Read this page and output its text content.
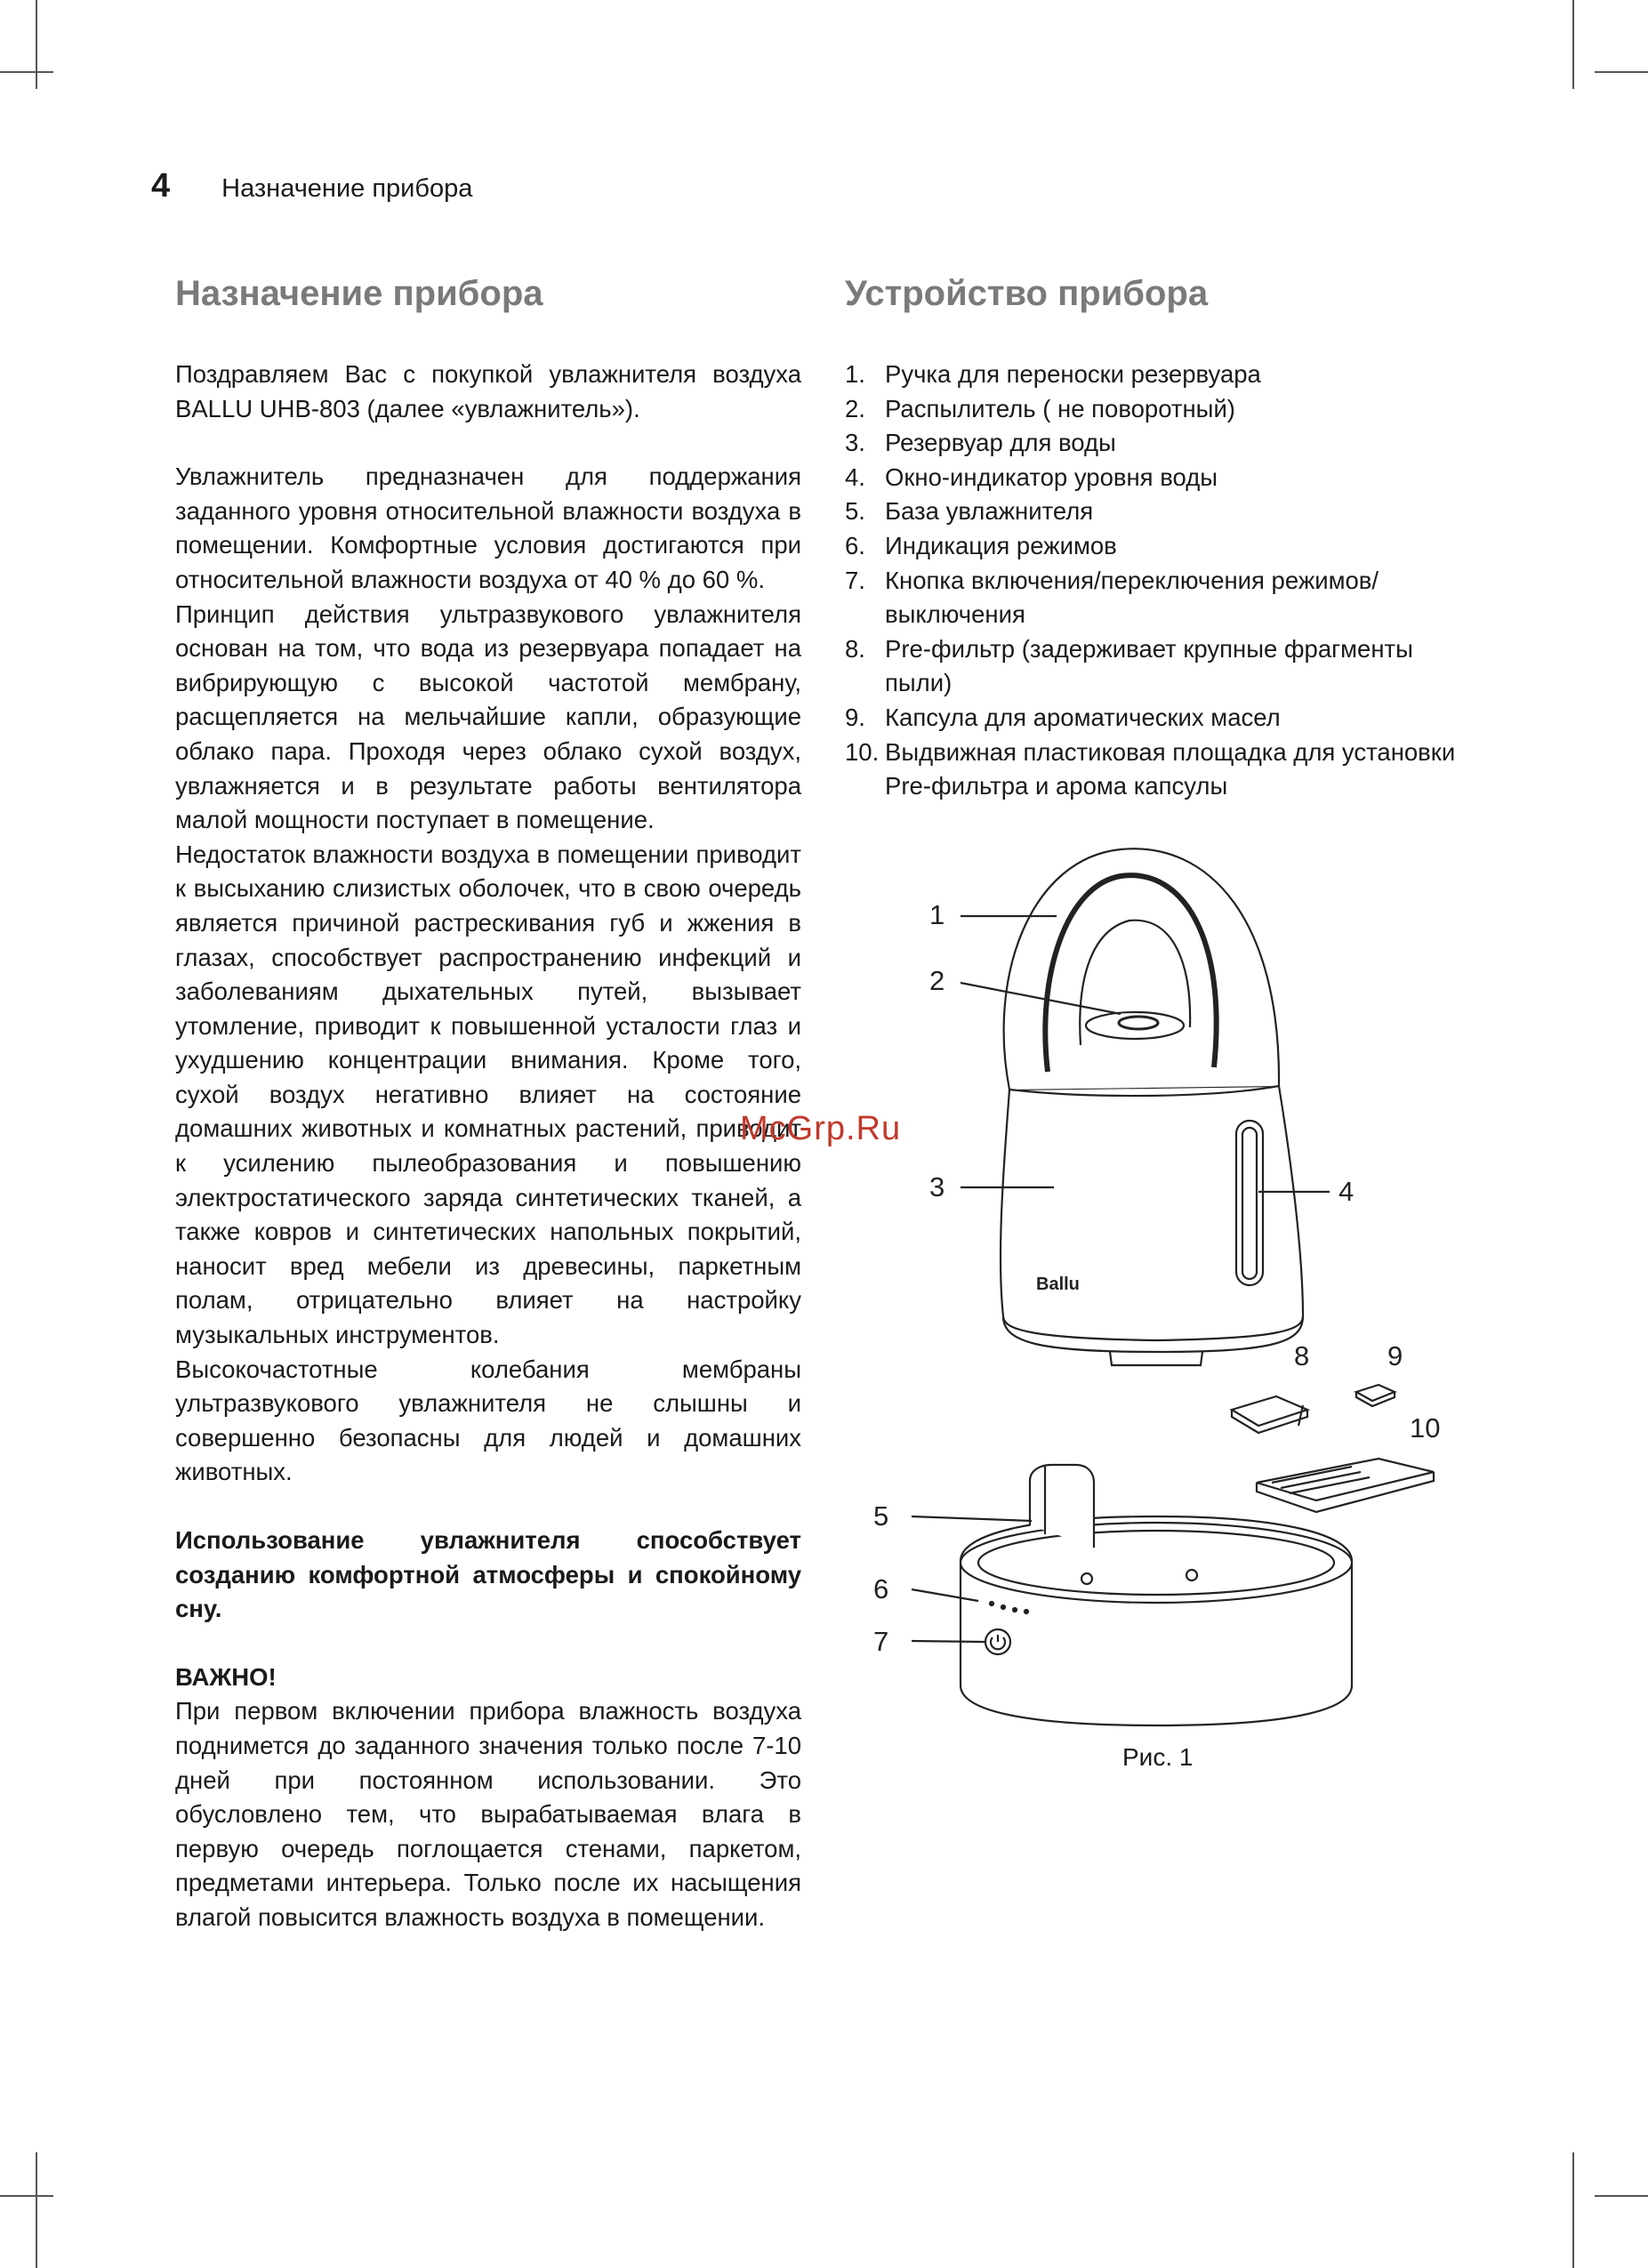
4 Назначение прибора
Назначение прибора

Поздравляем Вас с покупкой увлажнителя воздуха BALLU UHB-803 (далее «увлажнитель»).

Увлажнитель предназначен для поддержания заданного уровня относительной влажности воздуха в помещении. Комфортные условия достигаются при относительной влажности воздуха от 40 % до 60 %.

Принцип действия ультразвукового увлажнителя основан на том, что вода из резервуара попадает на вибрирующую с высокой частотой мембрану, расщепляется на мельчайшие капли, образующие облако пара. Проходя через облако сухой воздух, увлажняется и в результате работы вентилятора малой мощности поступает в помещение.

Недостаток влажности воздуха в помещении приводит к высыханию слизистых оболочек, что в свою очередь является причиной растрескивания губ и жжения в глазах, способствует распространению инфекций и заболеваниям дыхательных путей, вызывает утомление, приводит к повышенной усталости глаз и ухудшению концентрации внимания. Кроме того, сухой воздух негативно влияет на состояние домашних животных и комнатных растений, приводит к усилению пылеобразования и повышению электростатического заряда синтетических тканей, а также ковров и синтетических напольных покрытий, наносит вред мебели из древесины, паркетным полам, отрицательно влияет на настройку музыкальных инструментов.

Высокочастотные колебания мембраны ультразвукового увлажнителя не слышны и совершенно безопасны для людей и домашних животных.

Использование увлажнителя способствует созданию комфортной атмосферы и спокойному сну.

ВАЖНО!

При первом включении прибора влажность воздуха поднимется до заданного значения только после 7-10 дней при постоянном использовании. Это обусловлено тем, что вырабатываемая влага в первую очередь поглощается стенами, паркетом, предметами интерьера. Только после их насыщения влагой повысится влажность воздуха в помещении.

Устройство прибора
1. Ручка для переноски резервуара
2. Распылитель ( не поворотный)
3. Резервуар для воды
4. Окно-индикатор уровня воды
5. База увлажнителя
6. Индикация режимов
7. Кнопка включения/переключения режимов/ выключения
8. Pre-фильтр (задерживает крупные фрагменты пыли)
9. Капсула для ароматических масел
10. Выдвижная пластиковая площадка для установки Pre-фильтра и арома капсулы
Ballu
1
2
3	4
5
6
7
8	9
10
McGrp.Ru
Рис. 1
